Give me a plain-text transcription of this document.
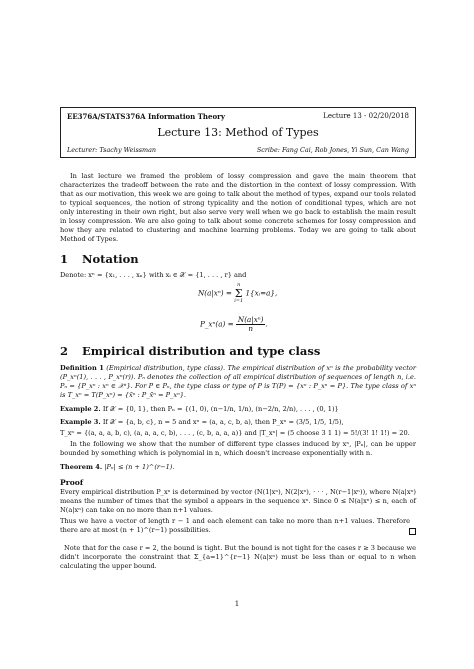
EE376A/STATS376A Information Theory	Lecture 13 - 02/20/2018
Lecture 13: Method of Types
Lecturer: Tsachy Weissman	Scribe: Fang Cai, Rob Jones, Yi Sun, Can Wang

In last lecture we framed the problem of lossy compression and gave the main theorem that characterizes the tradeoff between the rate and the distortion in the context of lossy compression. With that as our motivation, this week we are going to talk about the method of types, expand our tools related to typical sequences, the notion of strong typicality and the notion of conditional types, which are not only interesting in their own right, but also serve very well when we go back to establish the main result in lossy compression. We are also going to talk about some concrete schemes for lossy compression and how they are related to clustering and machine learning problems. Today we are going to talk about Method of Types.

1 Notation

Denote: xⁿ = {x₁, . . . , xₙ} with xᵢ ∈ 𝒳 = {1, . . . , r} and

N(a|xⁿ) = n
Σ
i=1 1{xᵢ=a},
P_xⁿ(a) = $\frac{\text{N(a|xⁿ)}}{n}$ .
2 Empirical distribution and type class

Definition 1 (Empirical distribution, type class). The empirical distribution of xⁿ is the probability vector (P_xⁿ(1), . . . , P_xⁿ(r)). Pₙ denotes the collection of all empirical distribution of sequences of length n, i.e. Pₙ = {P_xⁿ : xⁿ ∈ 𝒳ⁿ}. For P ∈ Pₙ, the type class or type of P is T(P) = {xⁿ : P_xⁿ = P}. The type class of xⁿ is T_xⁿ = T(P_xⁿ) = {x̃ⁿ : P_x̃ⁿ = P_xⁿ}.

Example 2. If 𝒳 = {0, 1}, then Pₙ = {(1, 0), (n−1/n, 1/n), (n−2/n, 2/n), . . . , (0, 1)}

Example 3. If 𝒳 = {a, b, c}, n = 5 and xⁿ = (a, a, c, b, a), then P_xⁿ = (3/5, 1/5, 1/5),

T_xⁿ = {(a, a, a, b, c), (a, a, a, c, b), . . . , (c, b, a, a, a)} and |T_xⁿ| = (5 choose 3 1 1) = 5!/(3! 1! 1!) = 20.

In the following we show that the number of different type classes induced by xⁿ, |Pₙ|, can be upper bounded by something which is polynomial in n, which doesn't increase exponentially with n.

Theorem 4. |Pₙ| ≤ (n + 1)^(r−1).

Proof

Every empirical distribution P_xⁿ is determined by vector (N(1|xⁿ), N(2|xⁿ), · · · , N(r−1|xⁿ)), where N(a|xⁿ) means the number of times that the symbol a appears in the sequence xⁿ. Since 0 ≤ N(a|xⁿ) ≤ n, each of N(a|xⁿ) can take on no more than n+1 values.

Thus we have a vector of length r − 1 and each element can take no more than n+1 values. Therefore there are at most (n + 1)^(r−1) possibilities.

Note that for the case r = 2, the bound is tight. But the bound is not tight for the cases r ≥ 3 because we didn't incorporate the constraint that Σ_{a=1}^{r−1} N(a|xⁿ) must be less than or equal to n when calculating the upper bound.

1
